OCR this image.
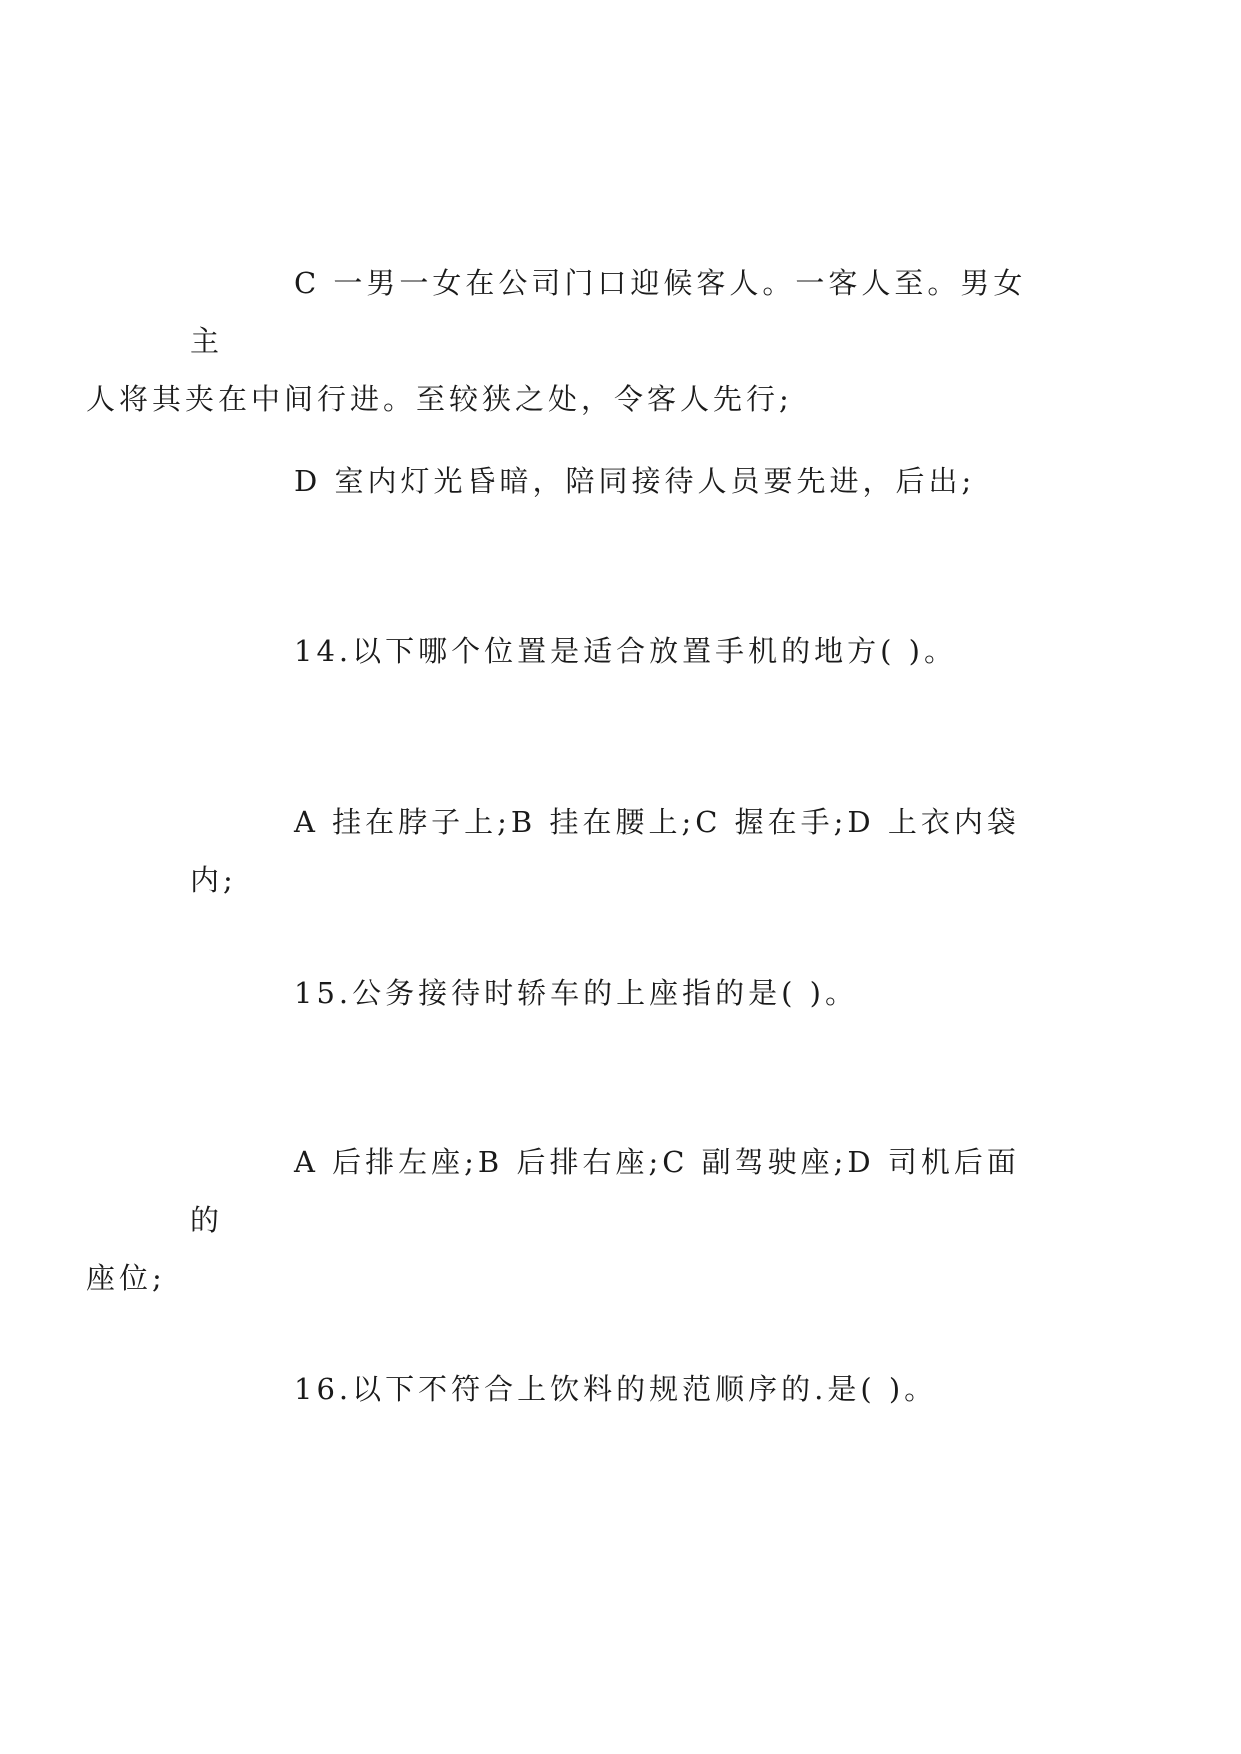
C 一男一女在公司门口迎候客人。一客人至。男女主
人将其夹在中间行进。至较狭之处，令客人先行;

D 室内灯光昏暗，陪同接待人员要先进，后出;

14.以下哪个位置是适合放置手机的地方( )。

A 挂在脖子上;B 挂在腰上;C 握在手;D 上衣内袋内;

15.公务接待时轿车的上座指的是( )。

A 后排左座;B 后排右座;C 副驾驶座;D 司机后面的
座位;

16.以下不符合上饮料的规范顺序的.是( )。
